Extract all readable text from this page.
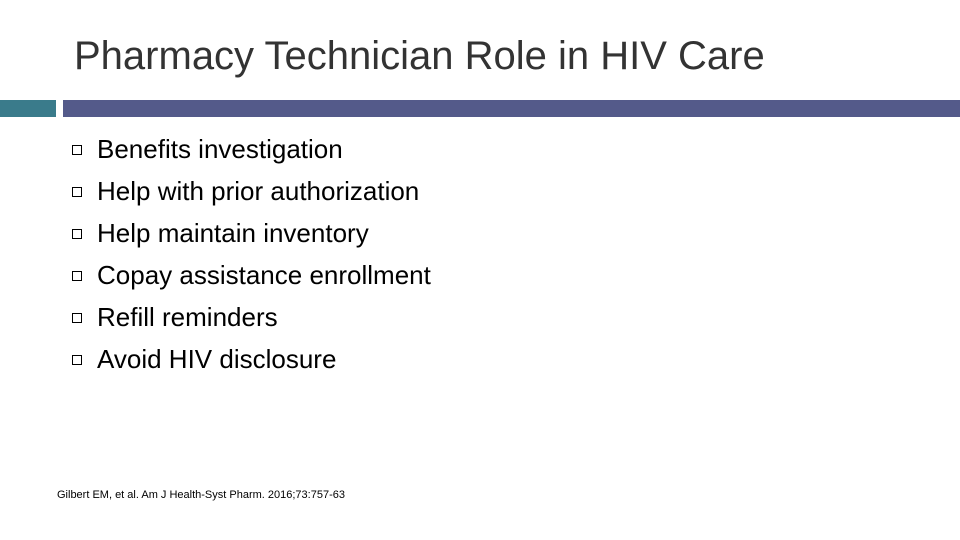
Pharmacy Technician Role in HIV Care
Benefits investigation
Help with prior authorization
Help maintain inventory
Copay assistance enrollment
Refill reminders
Avoid HIV disclosure
Gilbert EM, et al. Am J Health-Syst Pharm. 2016;73:757-63
